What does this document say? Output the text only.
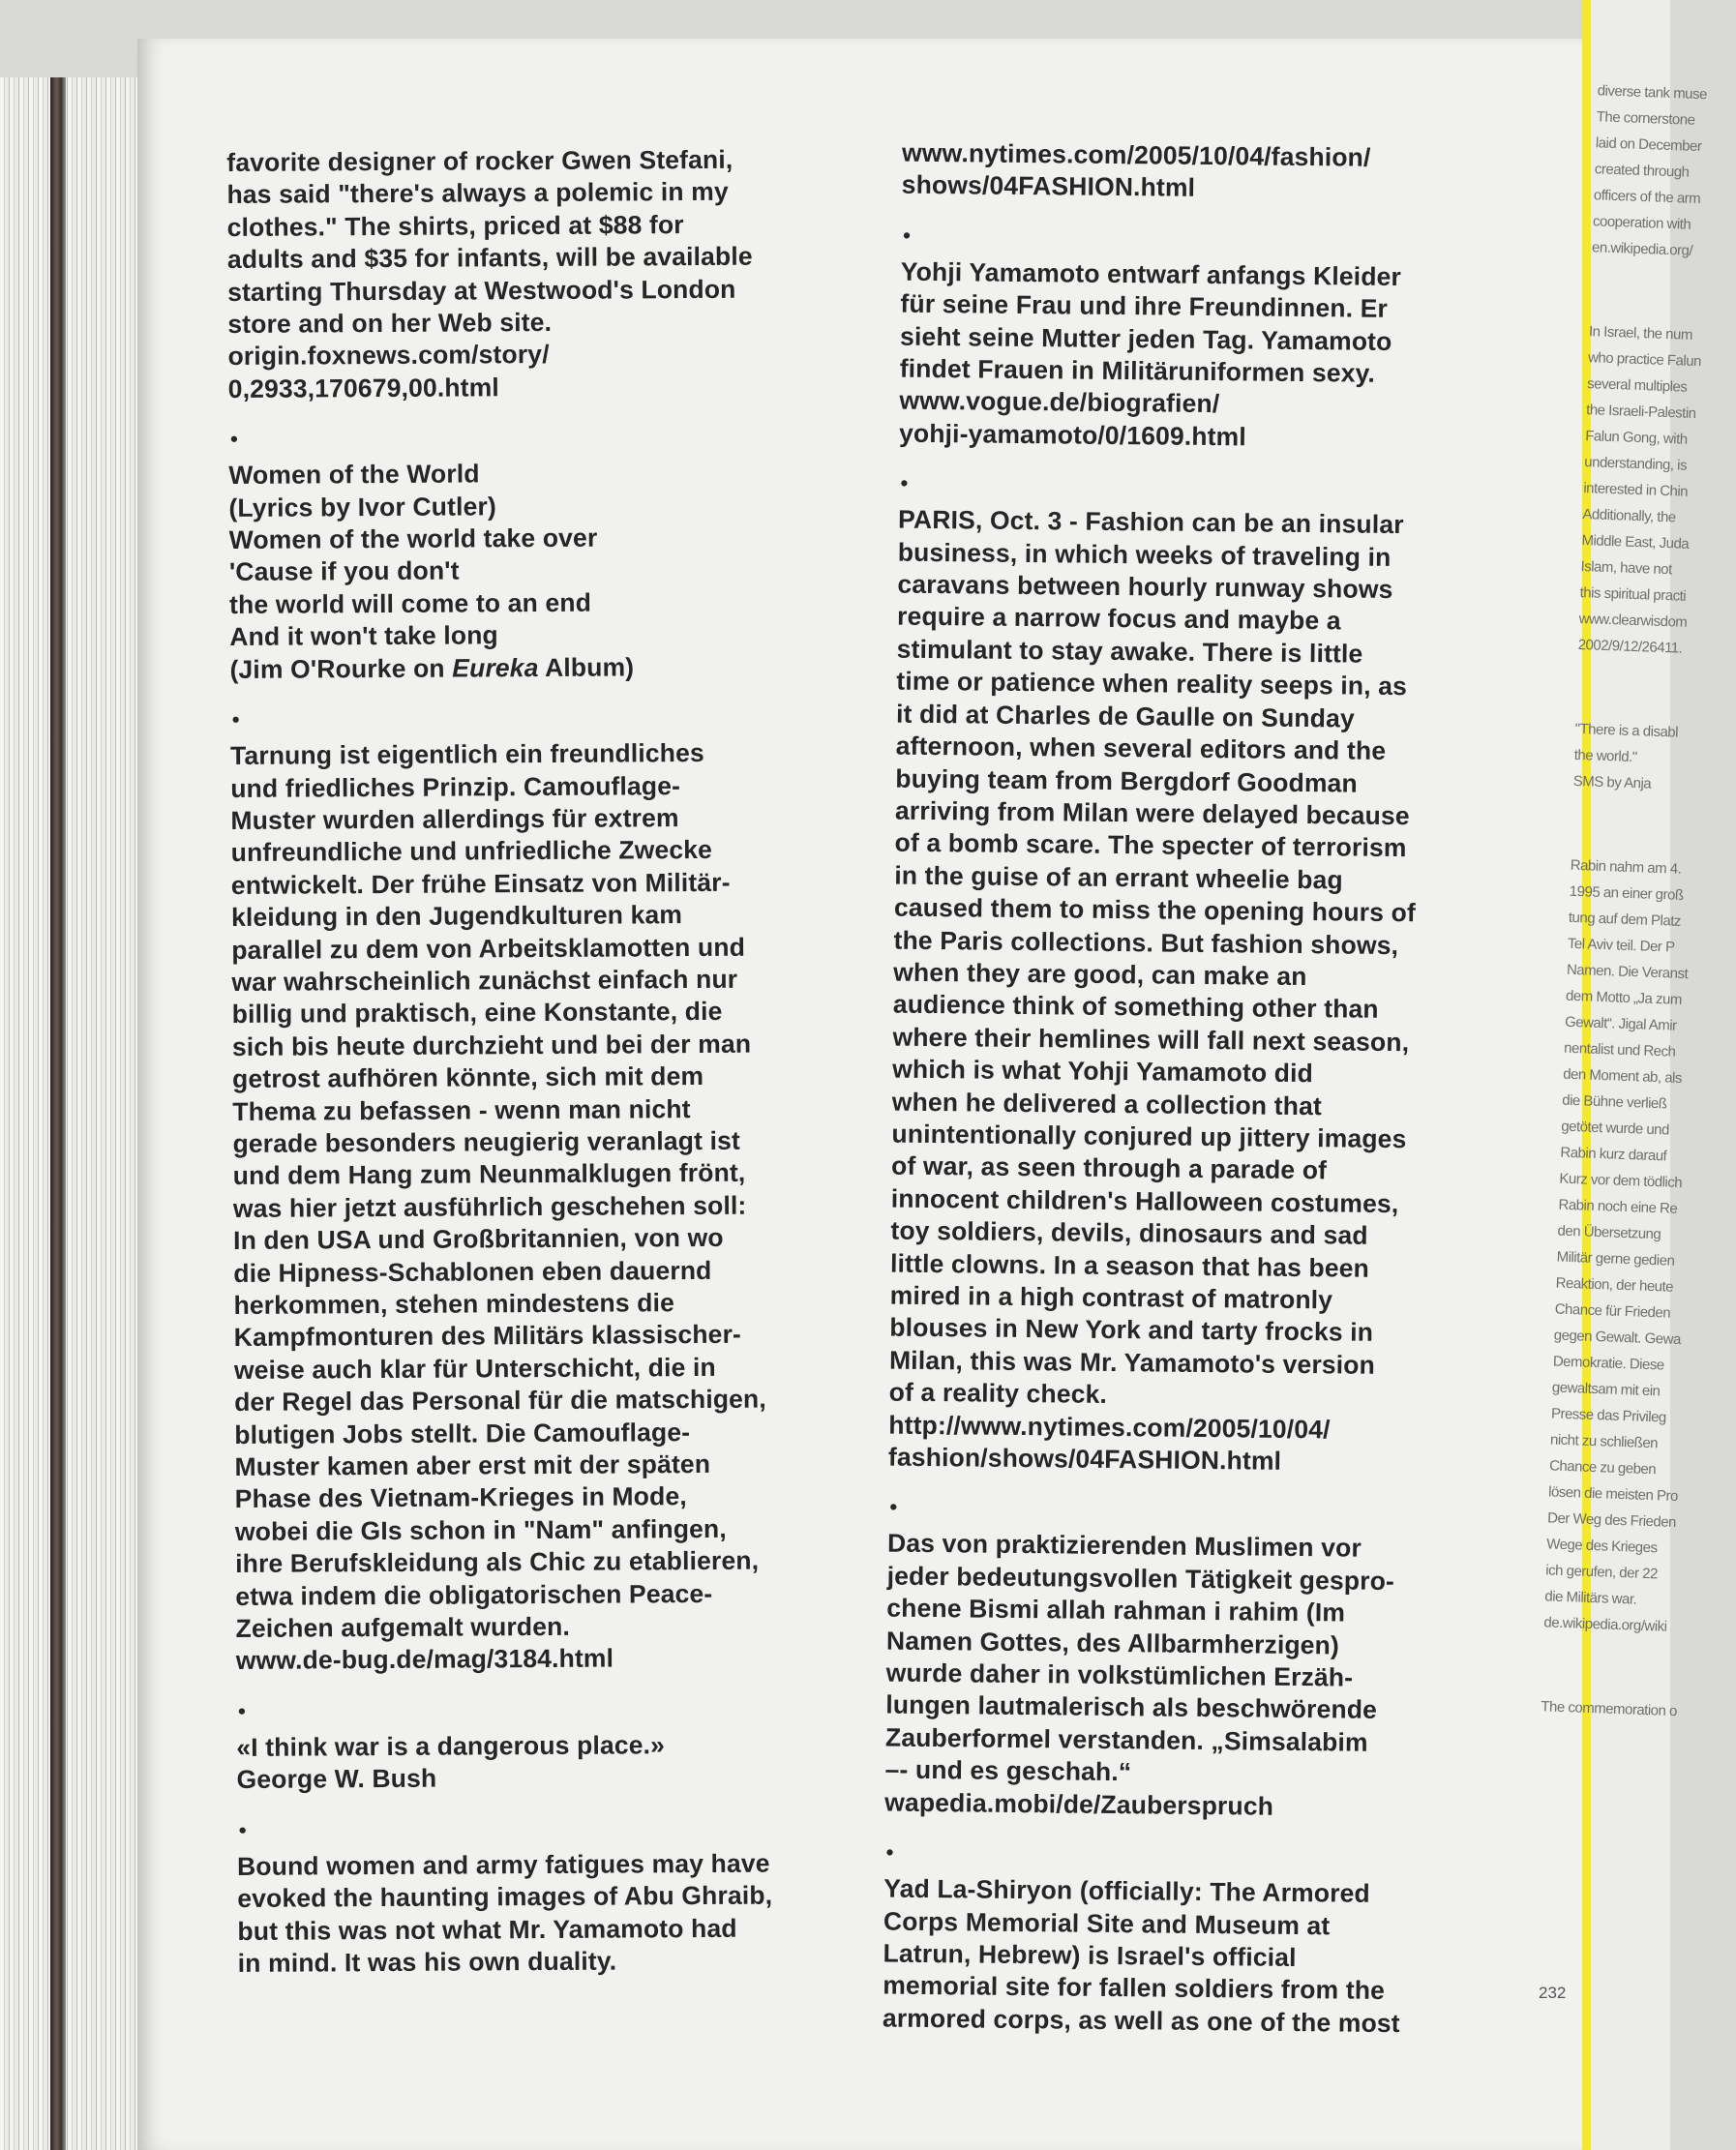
diverse tank muse
The cornerstone
laid on December
created through
officers of the arm
cooperation with
en.wikipedia.org/
In Israel, the num
who practice Falun
several multiples
the Israeli-Palestin
Falun Gong, with
understanding, is
interested in Chin
Additionally, the
Middle East, Juda
Islam, have not
this spiritual practi
www.clearwisdom
2002/9/12/26411.
"There is a disabl
the world."
SMS by Anja
Rabin nahm am 4.
1995 an einer groß
tung auf dem Platz
Tel Aviv teil. Der P
Namen. Die Veranst
dem Motto „Ja zum
Gewalt“. Jigal Amir
nentalist und Rech
den Moment ab, als
die Bühne verließ
getötet wurde und
Rabin kurz darauf
Kurz vor dem tödlich
Rabin noch eine Re
den Übersetzung
Militär gerne gedien
Reaktion, der heute
Chance für Frieden
gegen Gewalt. Gewa
Demokratie. Diese
gewaltsam mit ein
Presse das Privileg
nicht zu schließen
Chance zu geben
lösen die meisten Pro
Der Weg des Frieden
Wege des Krieges
ich gerufen, der 22
die Militärs war.
de.wikipedia.org/wiki
The commemoration o

favorite designer of rocker Gwen Stefani,
has said "there's always a polemic in my
clothes." The shirts, priced at $88 for
adults and $35 for infants, will be available
starting Thursday at Westwood's London
store and on her Web site.
origin.foxnews.com/story/
0,2933,170679,00.html

•

Women of the World
(Lyrics by Ivor Cutler)
Women of the world take over
'Cause if you don't
the world will come to an end
And it won't take long
(Jim O'Rourke on Eureka Album)

•

Tarnung ist eigentlich ein freundliches
und friedliches Prinzip. Camouflage-
Muster wurden allerdings für extrem
unfreundliche und unfriedliche Zwecke
entwickelt. Der frühe Einsatz von Militär-
kleidung in den Jugendkulturen kam
parallel zu dem von Arbeitsklamotten und
war wahrscheinlich zunächst einfach nur
billig und praktisch, eine Konstante, die
sich bis heute durchzieht und bei der man
getrost aufhören könnte, sich mit dem
Thema zu befassen - wenn man nicht
gerade besonders neugierig veranlagt ist
und dem Hang zum Neunmalklugen frönt,
was hier jetzt ausführlich geschehen soll:
In den USA und Großbritannien, von wo
die Hipness-Schablonen eben dauernd
herkommen, stehen mindestens die
Kampfmonturen des Militärs klassischer-
weise auch klar für Unterschicht, die in
der Regel das Personal für die matschigen,
blutigen Jobs stellt. Die Camouflage-
Muster kamen aber erst mit der späten
Phase des Vietnam-Krieges in Mode,
wobei die GIs schon in "Nam" anfingen,
ihre Berufskleidung als Chic zu etablieren,
etwa indem die obligatorischen Peace-
Zeichen aufgemalt wurden.
www.de-bug.de/mag/3184.html

•

«I think war is a dangerous place.»
George W. Bush

•

Bound women and army fatigues may have
evoked the haunting images of Abu Ghraib,
but this was not what Mr. Yamamoto had
in mind. It was his own duality.

www.nytimes.com/2005/10/04/fashion/
shows/04FASHION.html

•

Yohji Yamamoto entwarf anfangs Kleider
für seine Frau und ihre Freundinnen. Er
sieht seine Mutter jeden Tag. Yamamoto
findet Frauen in Militäruniformen sexy.
www.vogue.de/biografien/
yohji-yamamoto/0/1609.html

•

PARIS, Oct. 3 - Fashion can be an insular
business, in which weeks of traveling in
caravans between hourly runway shows
require a narrow focus and maybe a
stimulant to stay awake. There is little
time or patience when reality seeps in, as
it did at Charles de Gaulle on Sunday
afternoon, when several editors and the
buying team from Bergdorf Goodman
arriving from Milan were delayed because
of a bomb scare. The specter of terrorism
in the guise of an errant wheelie bag
caused them to miss the opening hours of
the Paris collections. But fashion shows,
when they are good, can make an
audience think of something other than
where their hemlines will fall next season,
which is what Yohji Yamamoto did
when he delivered a collection that
unintentionally conjured up jittery images
of war, as seen through a parade of
innocent children's Halloween costumes,
toy soldiers, devils, dinosaurs and sad
little clowns. In a season that has been
mired in a high contrast of matronly
blouses in New York and tarty frocks in
Milan, this was Mr. Yamamoto's version
of a reality check.
http://www.nytimes.com/2005/10/04/
fashion/shows/04FASHION.html

•

Das von praktizierenden Muslimen vor
jeder bedeutungsvollen Tätigkeit gespro-
chene Bismi allah rahman i rahim (Im
Namen Gottes, des Allbarmherzigen)
wurde daher in volkstümlichen Erzäh-
lungen lautmalerisch als beschwörende
Zauberformel verstanden. „Simsalabim
–- und es geschah.“
wapedia.mobi/de/Zauberspruch

•

Yad La-Shiryon (officially: The Armored
Corps Memorial Site and Museum at
Latrun, Hebrew) is Israel's official
memorial site for fallen soldiers from the
armored corps, as well as one of the most

232
